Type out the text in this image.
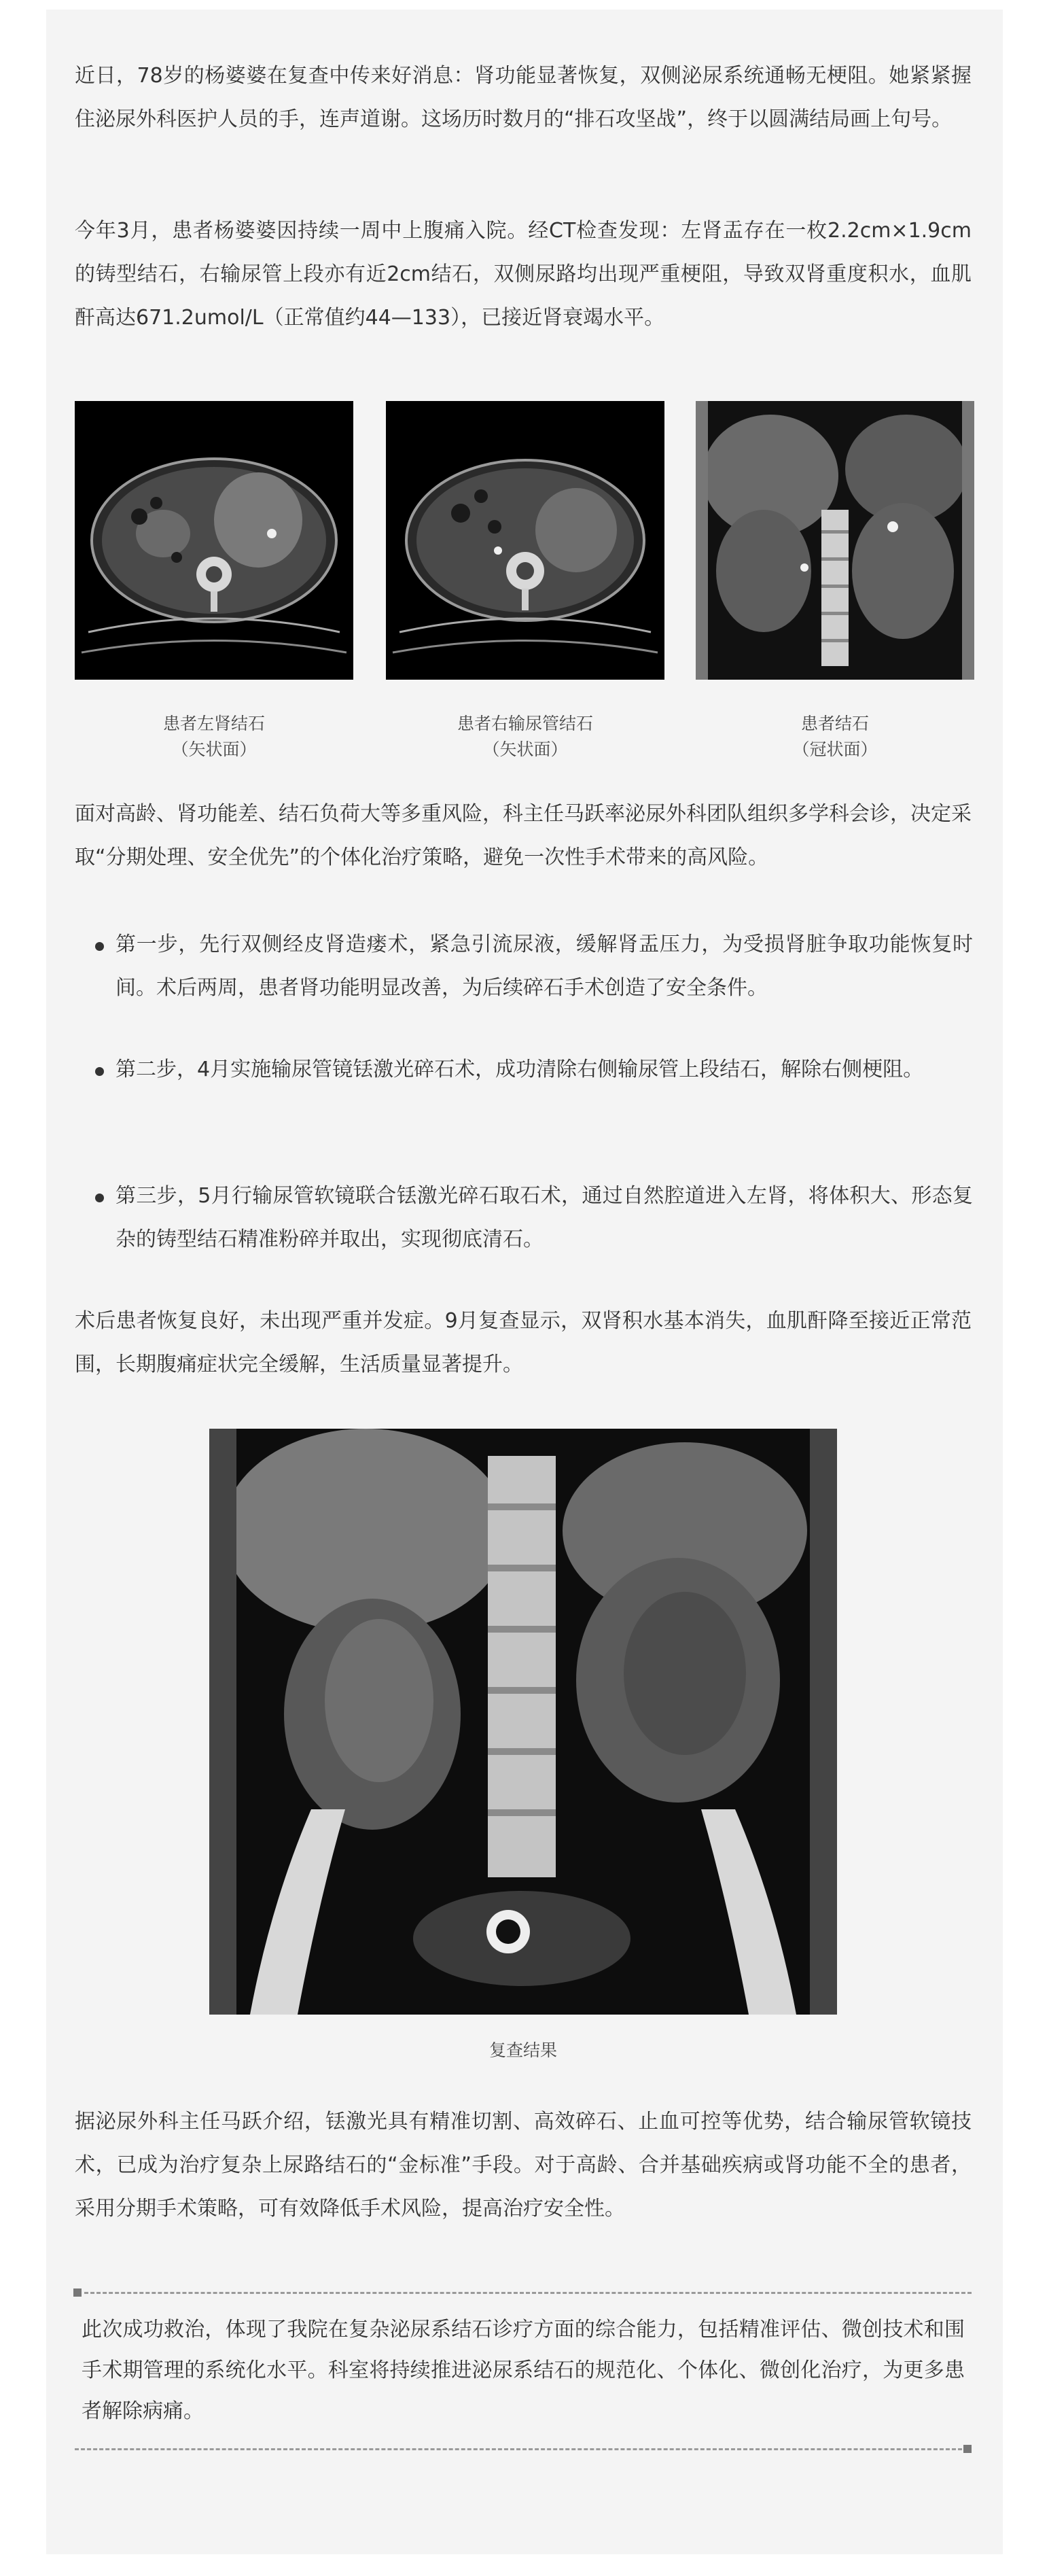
近日，78岁的杨婆婆在复查中传来好消息：肾功能显著恢复，双侧泌尿系统通畅无梗阻。她紧紧握住泌尿外科医护人员的手，连声道谢。这场历时数月的“排石攻坚战”，终于以圆满结局画上句号。

今年3月，患者杨婆婆因持续一周中上腹痛入院。经CT检查发现：左肾盂存在一枚2.2cm×1.9cm的铸型结石，右输尿管上段亦有近2cm结石，双侧尿路均出现严重梗阻，导致双肾重度积水，血肌酐高达671.2umol/L（正常值约44—133），已接近肾衰竭水平。

患者左肾结石
（矢状面）
患者右输尿管结石
（矢状面）
患者结石
（冠状面）

面对高龄、肾功能差、结石负荷大等多重风险，科主任马跃率泌尿外科团队组织多学科会诊，决定采取“分期处理、安全优先”的个体化治疗策略，避免一次性手术带来的高风险。

第一步，先行双侧经皮肾造瘘术，紧急引流尿液，缓解肾盂压力，为受损肾脏争取功能恢复时间。术后两周，患者肾功能明显改善，为后续碎石手术创造了安全条件。

第二步，4月实施输尿管镜铥激光碎石术，成功清除右侧输尿管上段结石，解除右侧梗阻。

第三步，5月行输尿管软镜联合铥激光碎石取石术，通过自然腔道进入左肾，将体积大、形态复杂的铸型结石精准粉碎并取出，实现彻底清石。

术后患者恢复良好，未出现严重并发症。9月复查显示，双肾积水基本消失，血肌酐降至接近正常范围，长期腹痛症状完全缓解，生活质量显著提升。

复查结果

据泌尿外科主任马跃介绍，铥激光具有精准切割、高效碎石、止血可控等优势，结合输尿管软镜技术，已成为治疗复杂上尿路结石的“金标准”手段。对于高龄、合并基础疾病或肾功能不全的患者，采用分期手术策略，可有效降低手术风险，提高治疗安全性。

此次成功救治，体现了我院在复杂泌尿系结石诊疗方面的综合能力，包括精准评估、微创技术和围手术期管理的系统化水平。科室将持续推进泌尿系结石的规范化、个体化、微创化治疗，为更多患者解除病痛。
